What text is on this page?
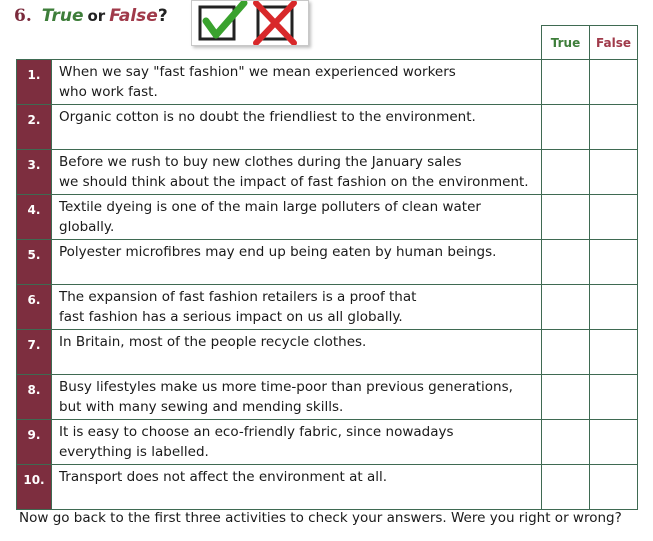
6. True or False?
True	False
1.	When we say "fast fashion" we mean experienced workers
who work fast.		

2.	Organic cotton is no doubt the friendliest to the environment.		

3.	Before we rush to buy new clothes during the January sales
we should think about the impact of fast fashion on the environment.		

4.	Textile dyeing is one of the main large polluters of clean water
globally.		

5.	Polyester microfibres may end up being eaten by human beings.		

6.	The expansion of fast fashion retailers is a proof that
fast fashion has a serious impact on us all globally.		

7.	In Britain, most of the people recycle clothes.		

8.	Busy lifestyles make us more time-poor than previous generations,
but with many sewing and mending skills.		

9.	It is easy to choose an eco-friendly fabric, since nowadays
everything is labelled.		

10.	Transport does not affect the environment at all.		

Now go back to the first three activities to check your answers. Were you right or wrong?
